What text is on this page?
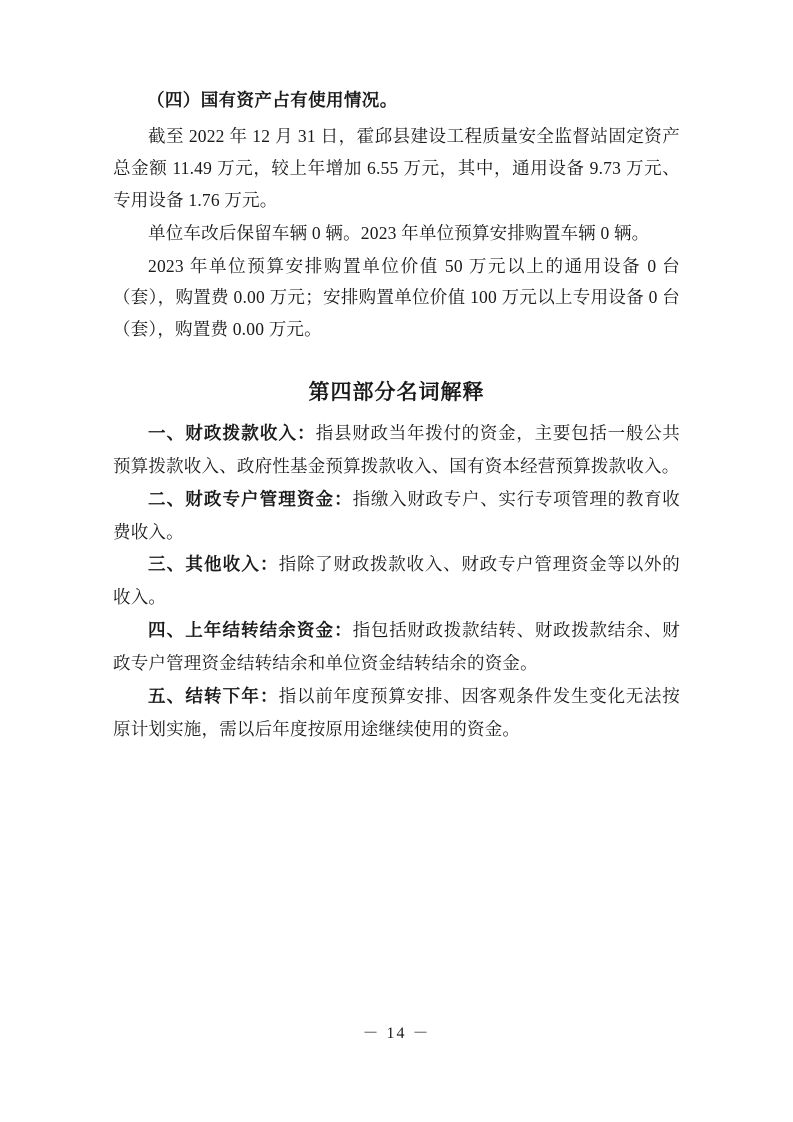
（四）国有资产占有使用情况。

截至 2022 年 12 月 31 日，霍邱县建设工程质量安全监督站固定资产总金额 11.49 万元，较上年增加 6.55 万元，其中，通用设备 9.73 万元、专用设备 1.76 万元。

单位车改后保留车辆 0 辆。2023 年单位预算安排购置车辆 0 辆。

2023 年单位预算安排购置单位价值 50 万元以上的通用设备 0 台（套），购置费 0.00 万元；安排购置单位价值 100 万元以上专用设备 0 台（套），购置费 0.00 万元。

第四部分名词解释

一、财政拨款收入：指县财政当年拨付的资金，主要包括一般公共预算拨款收入、政府性基金预算拨款收入、国有资本经营预算拨款收入。

二、财政专户管理资金：指缴入财政专户、实行专项管理的教育收费收入。

三、其他收入：指除了财政拨款收入、财政专户管理资金等以外的收入。

四、上年结转结余资金：指包括财政拨款结转、财政拨款结余、财政专户管理资金结转结余和单位资金结转结余的资金。

五、结转下年：指以前年度预算安排、因客观条件发生变化无法按原计划实施，需以后年度按原用途继续使用的资金。

－ 14 －
